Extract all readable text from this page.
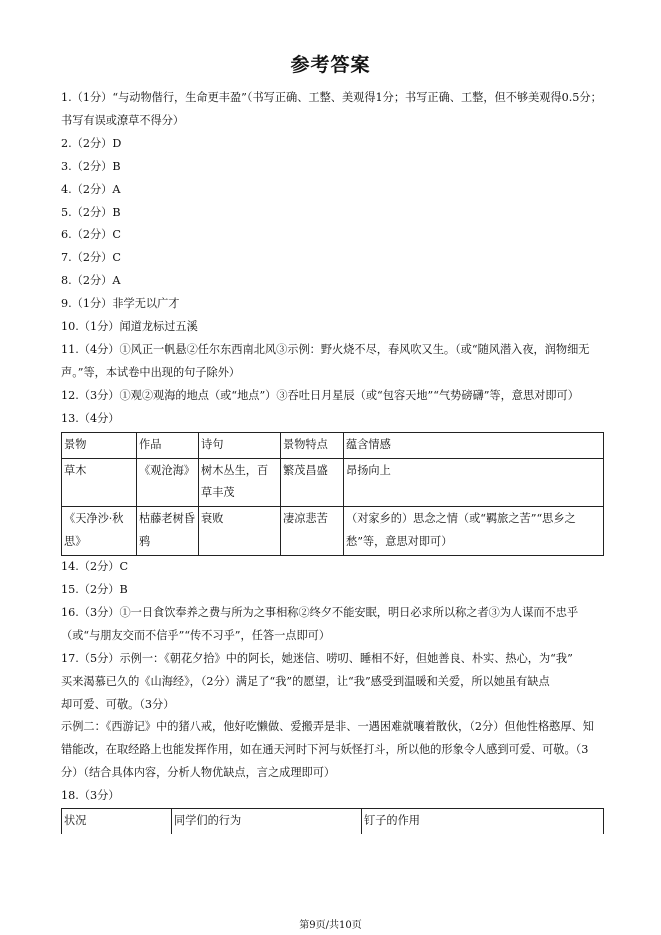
参考答案

1.（1分）“与动物偕行，生命更丰盈”（书写正确、工整、美观得1分；书写正确、工整，但不够美观得0.5分；书写有误或潦草不得分）

2.（2分）D

3.（2分）B

4.（2分）A

5.（2分）B

6.（2分）C

7.（2分）C

8.（2分）A

9.（1分）非学无以广才

10.（1分）闻道龙标过五溪

11.（4分）①风正一帆悬②任尔东西南北风③示例：野火烧不尽，春风吹又生。（或“随风潜入夜，润物细无声。”等，本试卷中出现的句子除外）

12.（3分）①观②观海的地点（或“地点”）③吞吐日月星辰（或“包容天地”“气势磅礴”等，意思对即可）

13.（4分）

景物	作品	诗句	景物特点	蕴含情感
草木	《观沧海》	树木丛生，百草丰茂	繁茂昌盛	昂扬向上
《天净沙·秋思》	枯藤老树昏鸦	衰败	凄凉悲苦	（对家乡的）思念之情（或“羁旅之苦”“思乡之愁”等，意思对即可）

14.（2分）C

15.（2分）B

16.（3分）①一日食饮奉养之费与所为之事相称②终夕不能安眠，明日必求所以称之者③为人谋而不忠乎（或“与朋友交而不信乎”“传不习乎”，任答一点即可）

17.（5分）示例一：《朝花夕拾》中的阿长，她迷信、唠叨、睡相不好，但她善良、朴实、热心，为“我”

买来渴慕已久的《山海经》，（2分）满足了“我”的愿望，让“我”感受到温暖和关爱，所以她虽有缺点

却可爱、可敬。（3分）

示例二：《西游记》中的猪八戒，他好吃懒做、爱搬弄是非、一遇困难就嚷着散伙，（2分）但他性格憨厚、知错能改，在取经路上也能发挥作用，如在通天河时下河与妖怪打斗，所以他的形象令人感到可爱、可敬。（3分）（结合具体内容，分析人物优缺点，言之成理即可）

18.（3分）

状况	同学们的行为	钉子的作用
第9页/共10页
